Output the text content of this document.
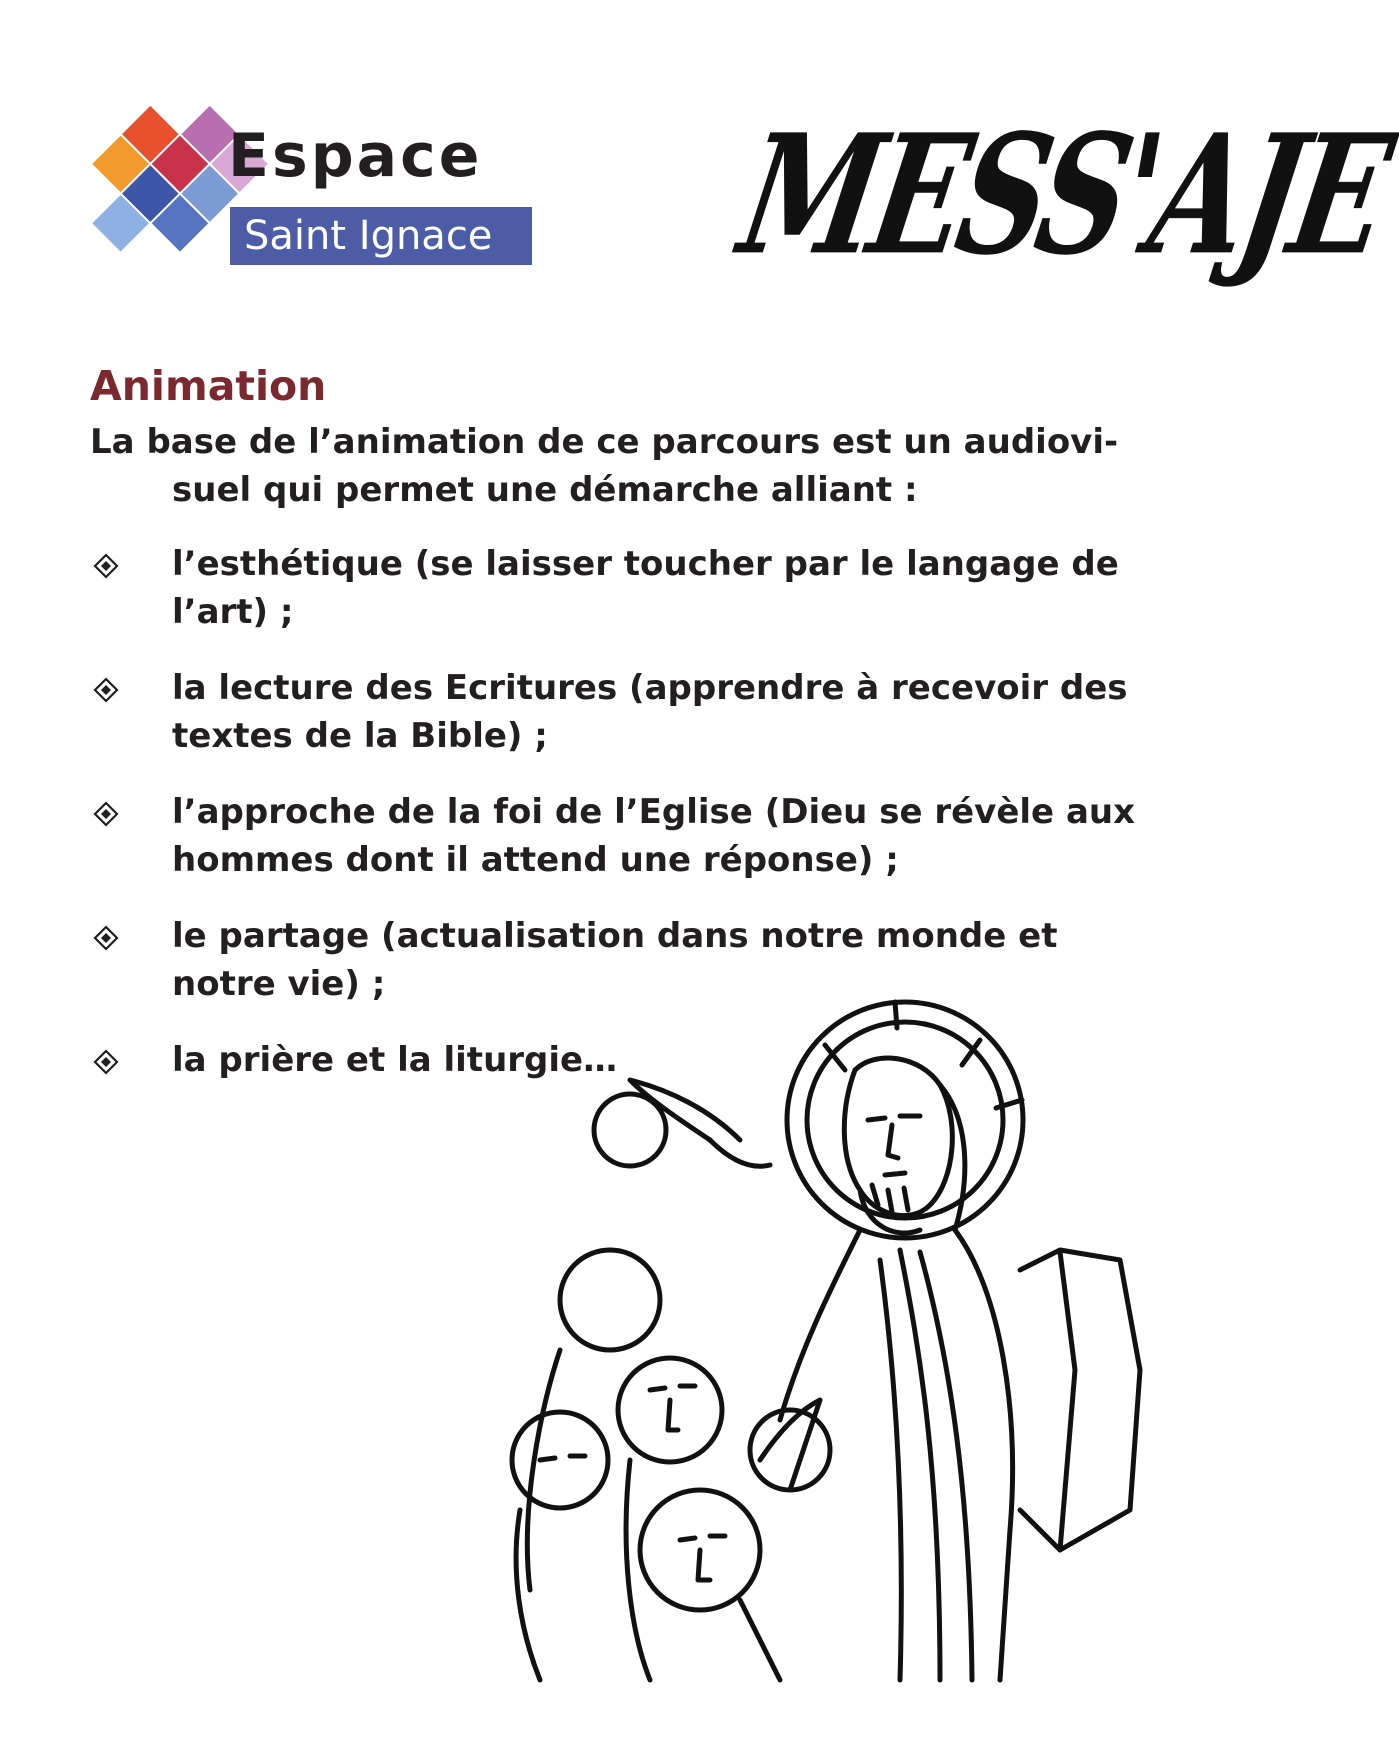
Espace
Saint Ignace	MESS'AJE
Animation
La base de l’animation de ce parcours est un audiovi-
suel qui permet une démarche alliant :
l’esthétique (se laisser toucher par le langage de
l’art) ;
la lecture des Ecritures (apprendre à recevoir des
textes de la Bible) ;
l’approche de la foi de l’Eglise (Dieu se révèle aux
hommes dont il attend une réponse) ;
le partage (actualisation dans notre monde et
notre vie) ;
la prière et la liturgie…
